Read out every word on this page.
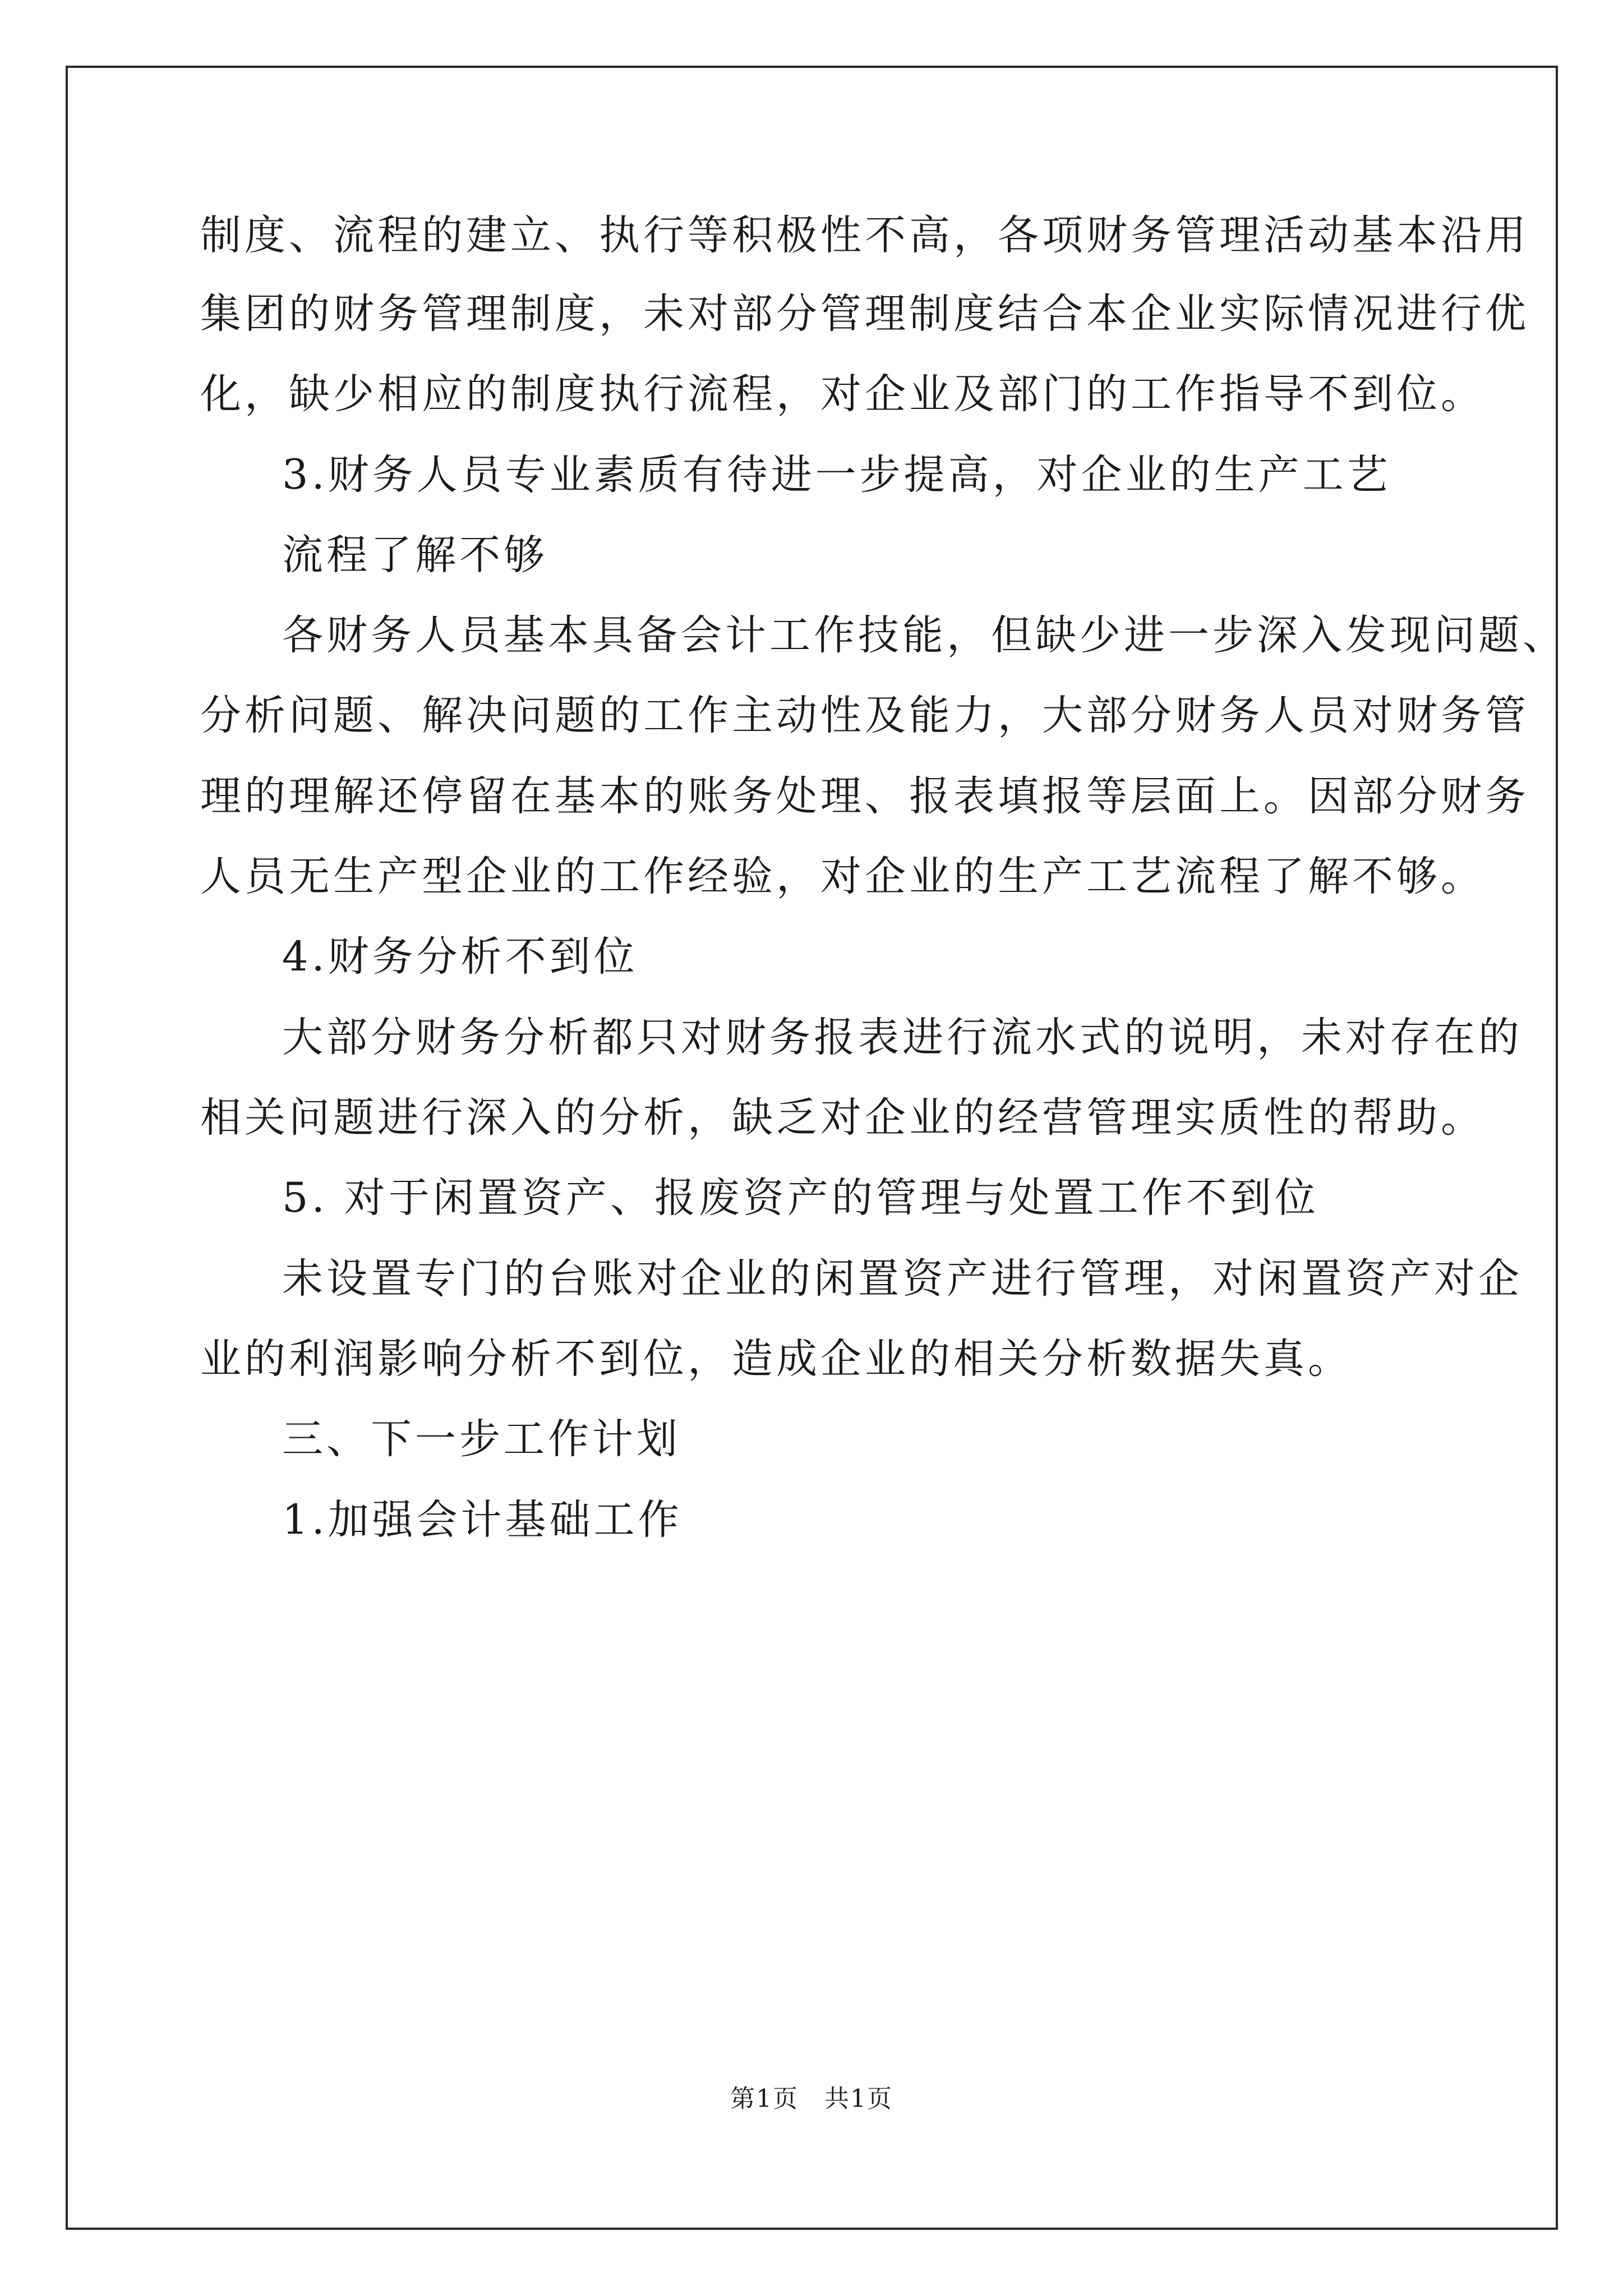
制度、流程的建立、执行等积极性不高，各项财务管理活动基本沿用
集团的财务管理制度，未对部分管理制度结合本企业实际情况进行优
化，缺少相应的制度执行流程，对企业及部门的工作指导不到位。
3.财务人员专业素质有待进一步提高，对企业的生产工艺
流程了解不够
各财务人员基本具备会计工作技能，但缺少进一步深入发现问题、
分析问题、解决问题的工作主动性及能力，大部分财务人员对财务管
理的理解还停留在基本的账务处理、报表填报等层面上。因部分财务
人员无生产型企业的工作经验，对企业的生产工艺流程了解不够。
4.财务分析不到位
大部分财务分析都只对财务报表进行流水式的说明，未对存在的
相关问题进行深入的分析，缺乏对企业的经营管理实质性的帮助。
5. 对于闲置资产、报废资产的管理与处置工作不到位
未设置专门的台账对企业的闲置资产进行管理，对闲置资产对企
业的利润影响分析不到位，造成企业的相关分析数据失真。
三、下一步工作计划
1.加强会计基础工作
第1页　共1页
